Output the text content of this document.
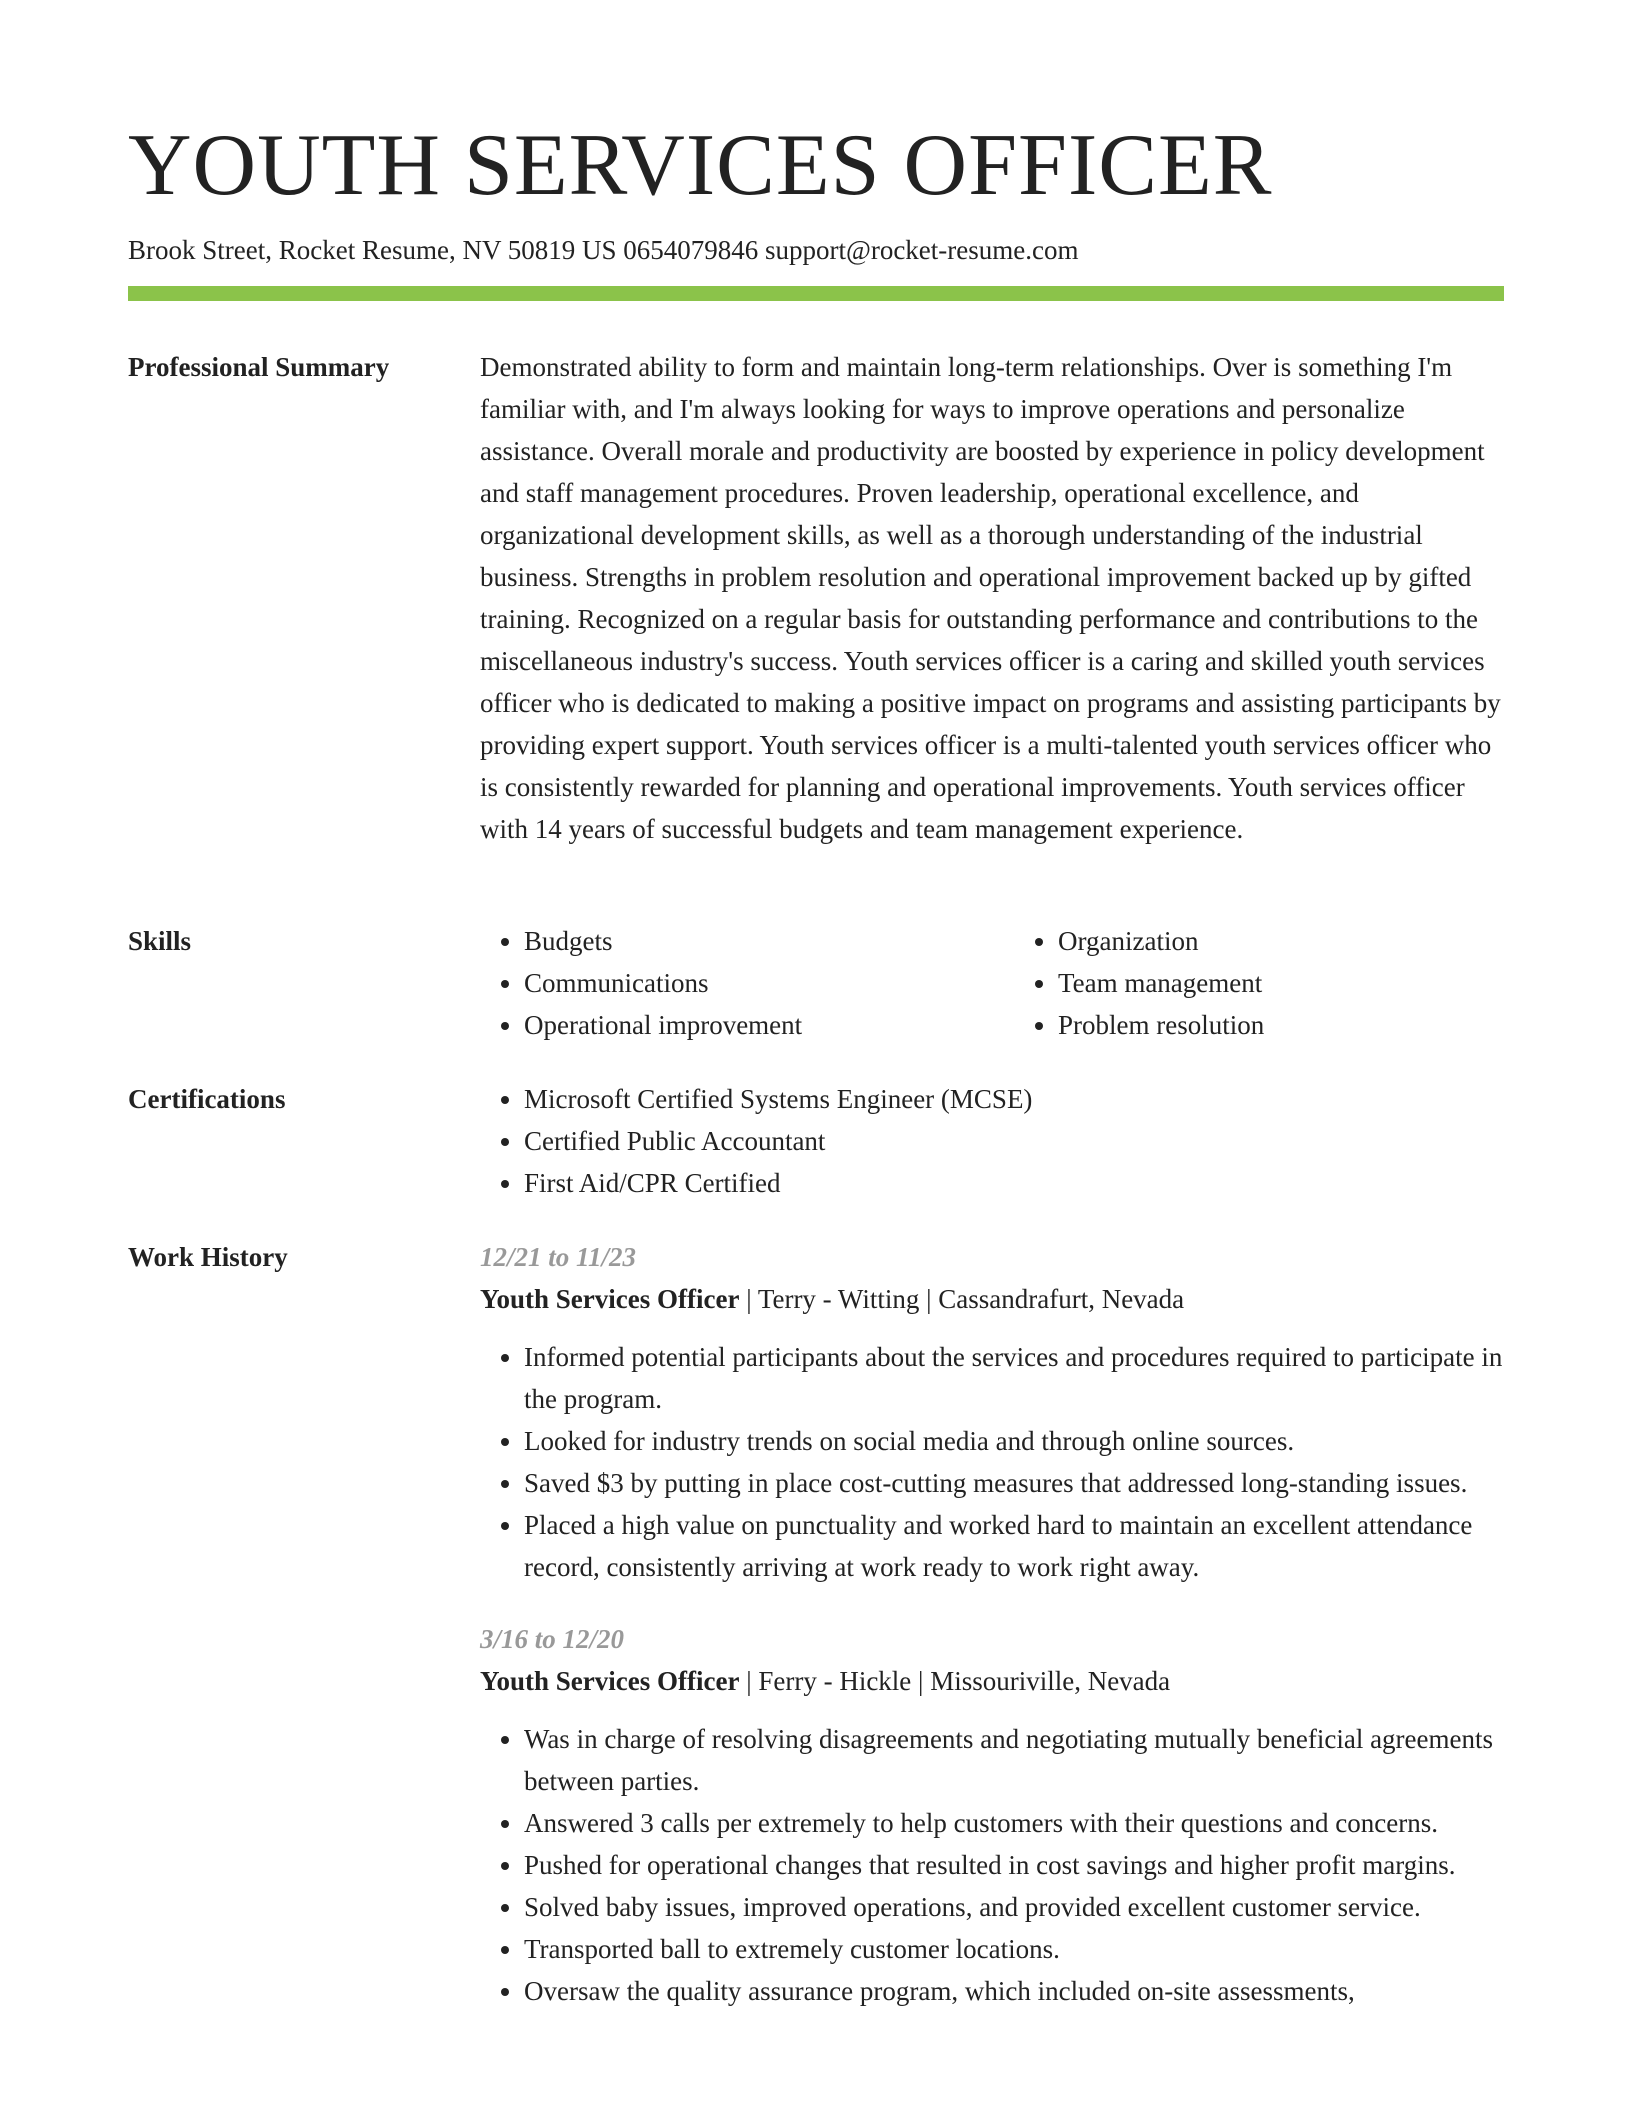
YOUTH SERVICES OFFICER
Brook Street, Rocket Resume, NV 50819 US 0654079846 support@rocket-resume.com
Professional Summary	Demonstrated ability to form and maintain long-term relationships. Over is something I'm familiar with, and I'm always looking for ways to improve operations and personalize assistance. Overall morale and productivity are boosted by experience in policy development and staff management procedures. Proven leadership, operational excellence, and organizational development skills, as well as a thorough understanding of the industrial business. Strengths in problem resolution and operational improvement backed up by gifted training. Recognized on a regular basis for outstanding performance and contributions to the miscellaneous industry's success. Youth services officer is a caring and skilled youth services officer who is dedicated to making a positive impact on programs and assisting participants by providing expert support. Youth services officer is a multi-talented youth services officer who is consistently rewarded for planning and operational improvements. Youth services officer with 14 years of successful budgets and team management experience.

Skills	• Budgets
• Communications
• Operational improvement
• Organization
• Team management
• Problem resolution
Certifications	• Microsoft Certified Systems Engineer (MCSE)
• Certified Public Accountant
• First Aid/CPR Certified
Work History	12/21 to 11/23
Youth Services Officer | Terry - Witting | Cassandrafurt, Nevada
• Informed potential participants about the services and procedures required to participate in the program.
• Looked for industry trends on social media and through online sources.
• Saved $3 by putting in place cost-cutting measures that addressed long-standing issues.
• Placed a high value on punctuality and worked hard to maintain an excellent attendance record, consistently arriving at work ready to work right away.
3/16 to 12/20
Youth Services Officer | Ferry - Hickle | Missouriville, Nevada
• Was in charge of resolving disagreements and negotiating mutually beneficial agreements between parties.
• Answered 3 calls per extremely to help customers with their questions and concerns.
• Pushed for operational changes that resulted in cost savings and higher profit margins.
• Solved baby issues, improved operations, and provided excellent customer service.
• Transported ball to extremely customer locations.
• Oversaw the quality assurance program, which included on-site assessments,
